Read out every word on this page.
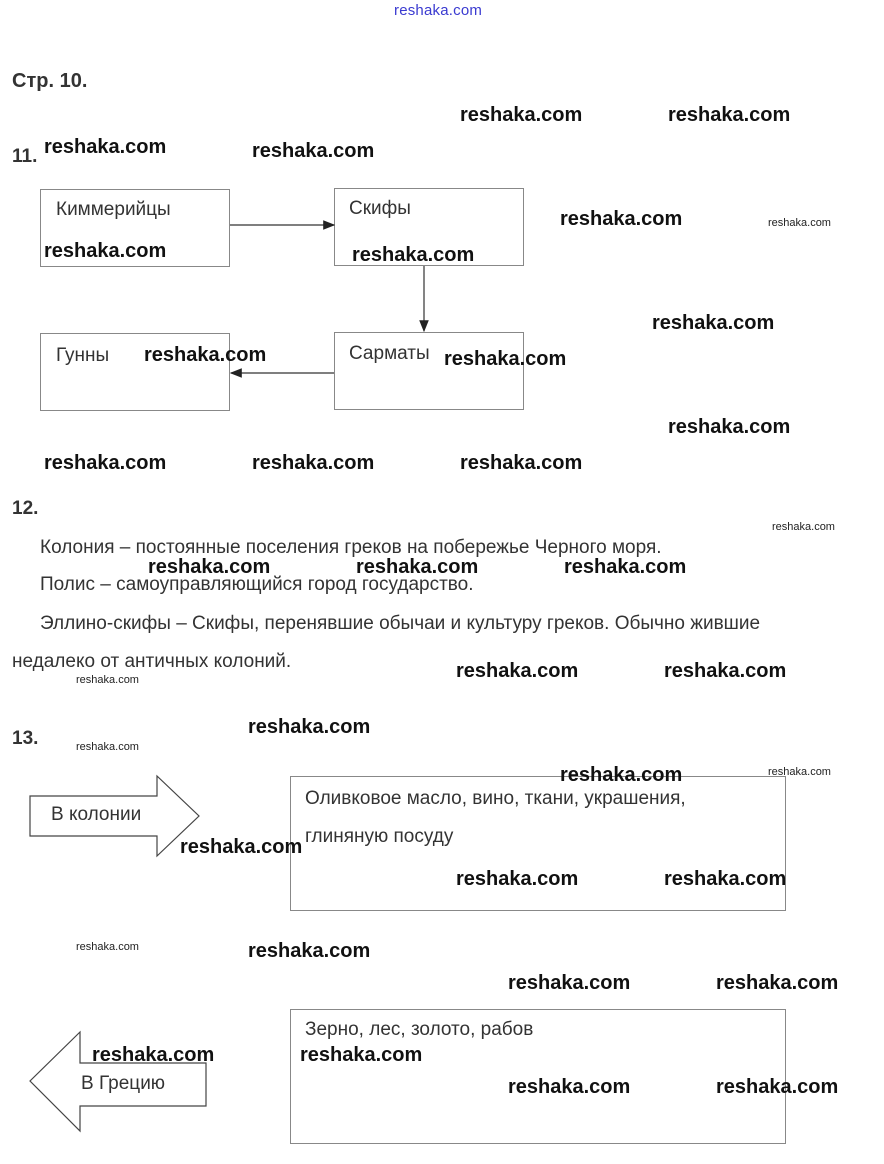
reshaka.com
Стр. 10.
11.
Киммерийцы	Скифы
Сарматы
Гунны
12.
Колония – постоянные поселения греков на побережье Черного моря.
Полис – самоуправляющийся город государство.
Эллино-скифы – Скифы, перенявшие обычаи и культуру греков. Обычно жившие
недалеко от античных колоний.
13.
В колонии
Оливковое масло, вино, ткани, украшения,
глиняную посуду
В Грецию
Зерно, лес, золото, рабов
reshaka.com	reshaka.com
reshaka.com	reshaka.com
reshaka.com	reshaka.com
reshaka.com	reshaka.com
reshaka.com
reshaka.com	reshaka.com
reshaka.com
reshaka.com	reshaka.com	reshaka.com
reshaka.com
reshaka.com	reshaka.com	reshaka.com
reshaka.com	reshaka.com
reshaka.com
reshaka.com
reshaka.com
reshaka.com	reshaka.com
reshaka.com
reshaka.com	reshaka.com
reshaka.com	reshaka.com
reshaka.com	reshaka.com
reshaka.com	reshaka.com
reshaka.com	reshaka.com
